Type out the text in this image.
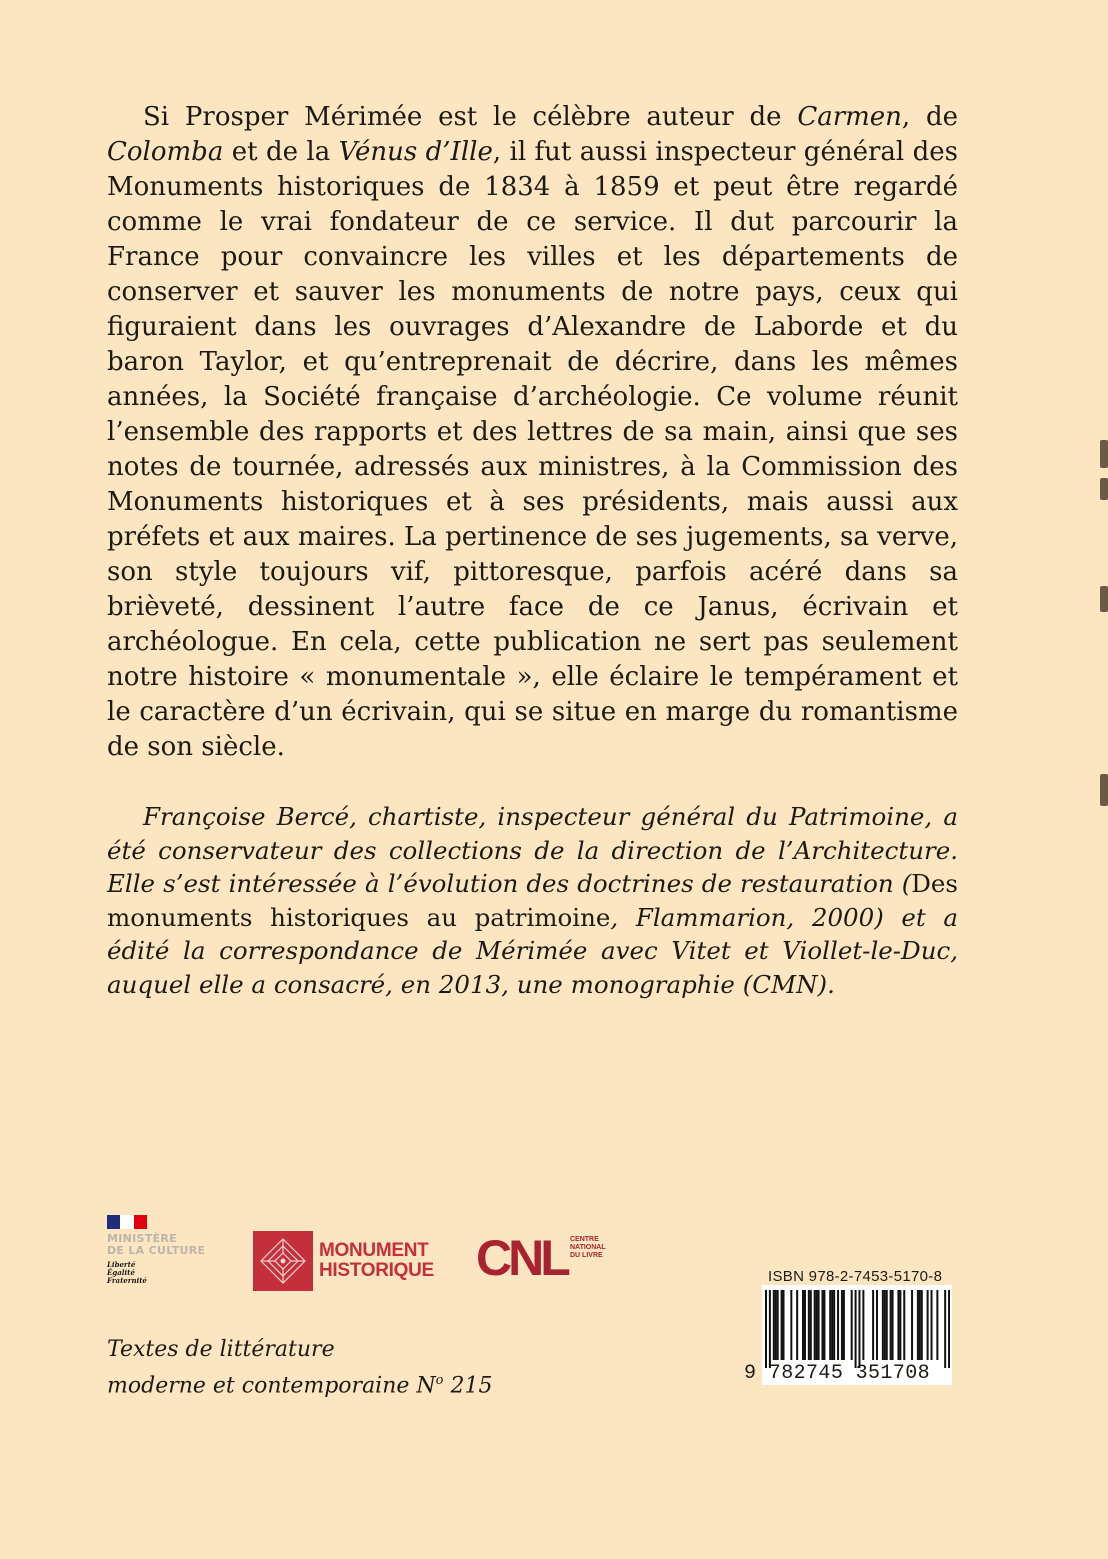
Si Prosper Mérimée est le célèbre auteur de Carmen, de Colomba et de la Vénus d’Ille, il fut aussi inspecteur général des Monuments historiques de 1834 à 1859 et peut être regardé comme le vrai fondateur de ce service. Il dut parcourir la France pour convaincre les villes et les départements de conserver et sauver les monuments de notre pays, ceux qui figuraient dans les ouvrages d’Alexandre de Laborde et du baron Taylor, et qu’entreprenait de décrire, dans les mêmes années, la Société française d’archéologie. Ce volume réunit l’ensemble des rapports et des lettres de sa main, ainsi que ses notes de tournée, adressés aux ministres, à la Commission des Monuments historiques et à ses présidents, mais aussi aux préfets et aux maires. La pertinence de ses jugements, sa verve, son style toujours vif, pittoresque, parfois acéré dans sa brièveté, dessinent l’autre face de ce Janus, écrivain et archéologue. En cela, cette publication ne sert pas seulement notre histoire « monumentale », elle éclaire le tempérament et le caractère d’un écrivain, qui se situe en marge du romantisme de son siècle.

Françoise Bercé, chartiste, inspecteur général du Patrimoine, a été conservateur des collections de la direction de l’Architecture. Elle s’est intéressée à l’évolution des doctrines de restauration (Des monuments historiques au patrimoine, Flammarion, 2000) et a édité la correspondance de Mérimée avec Vitet et Viollet-le-Duc, auquel elle a consacré, en 2013, une monographie (CMN).

MINISTÈRE
DE LA CULTURE
Liberté
Égalité
Fraternité
MONUMENT
HISTORIQUE CNL CENTRE
NATIONAL
DU LIVRE

Textes de littérature
moderne et contemporaine $N^o$ 215

ISBN 978-2-7453-5170-8
9 782745 351708
